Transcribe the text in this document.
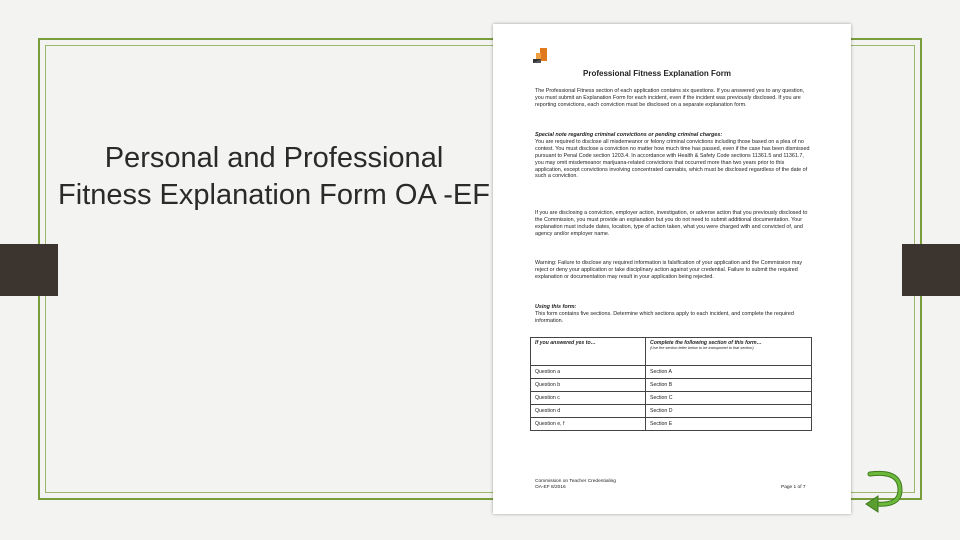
Personal and Professional Fitness Explanation Form OA -EF
Professional Fitness Explanation Form
The Professional Fitness section of each application contains six questions. If you answered yes to any question, you must submit an Explanation Form for each incident, even if the incident was previously disclosed. If you are reporting convictions, each conviction must be disclosed on a separate explanation form.
Special note regarding criminal convictions or pending criminal charges:
You are required to disclose all misdemeanor or felony criminal convictions including those based on a plea of no contest. You must disclose a conviction no matter how much time has passed, even if the case has been dismissed pursuant to Penal Code section 1203.4. In accordance with Health & Safety Code sections 11361.5 and 11361.7, you may omit misdemeanor marijuana-related convictions that occurred more than two years prior to this application, except convictions involving concentrated cannabis, which must be disclosed regardless of the date of such a conviction.
If you are disclosing a conviction, employer action, investigation, or adverse action that you previously disclosed to the Commission, you must provide an explanation but you do not need to submit additional documentation. Your explanation must include dates, location, type of action taken, what you were charged with and convicted of, and agency and/or employer name.
Warning: Failure to disclose any required information is falsification of your application and the Commission may reject or deny your application or take disciplinary action against your credential. Failure to submit the required explanation or documentation may result in your application being rejected.
Using this form:
This form contains five sections. Determine which sections apply to each incident, and complete the required information.
If you answered yes to…	Complete the following section of this form…
(Use the section letter below to be transported to that section)

Question a	Section A
Question b	Section B
Question c	Section C
Question d	Section D
Question e, f	Section E
Commission on Teacher Credentialing
OA-EF 8/2016	Page 1 of 7
